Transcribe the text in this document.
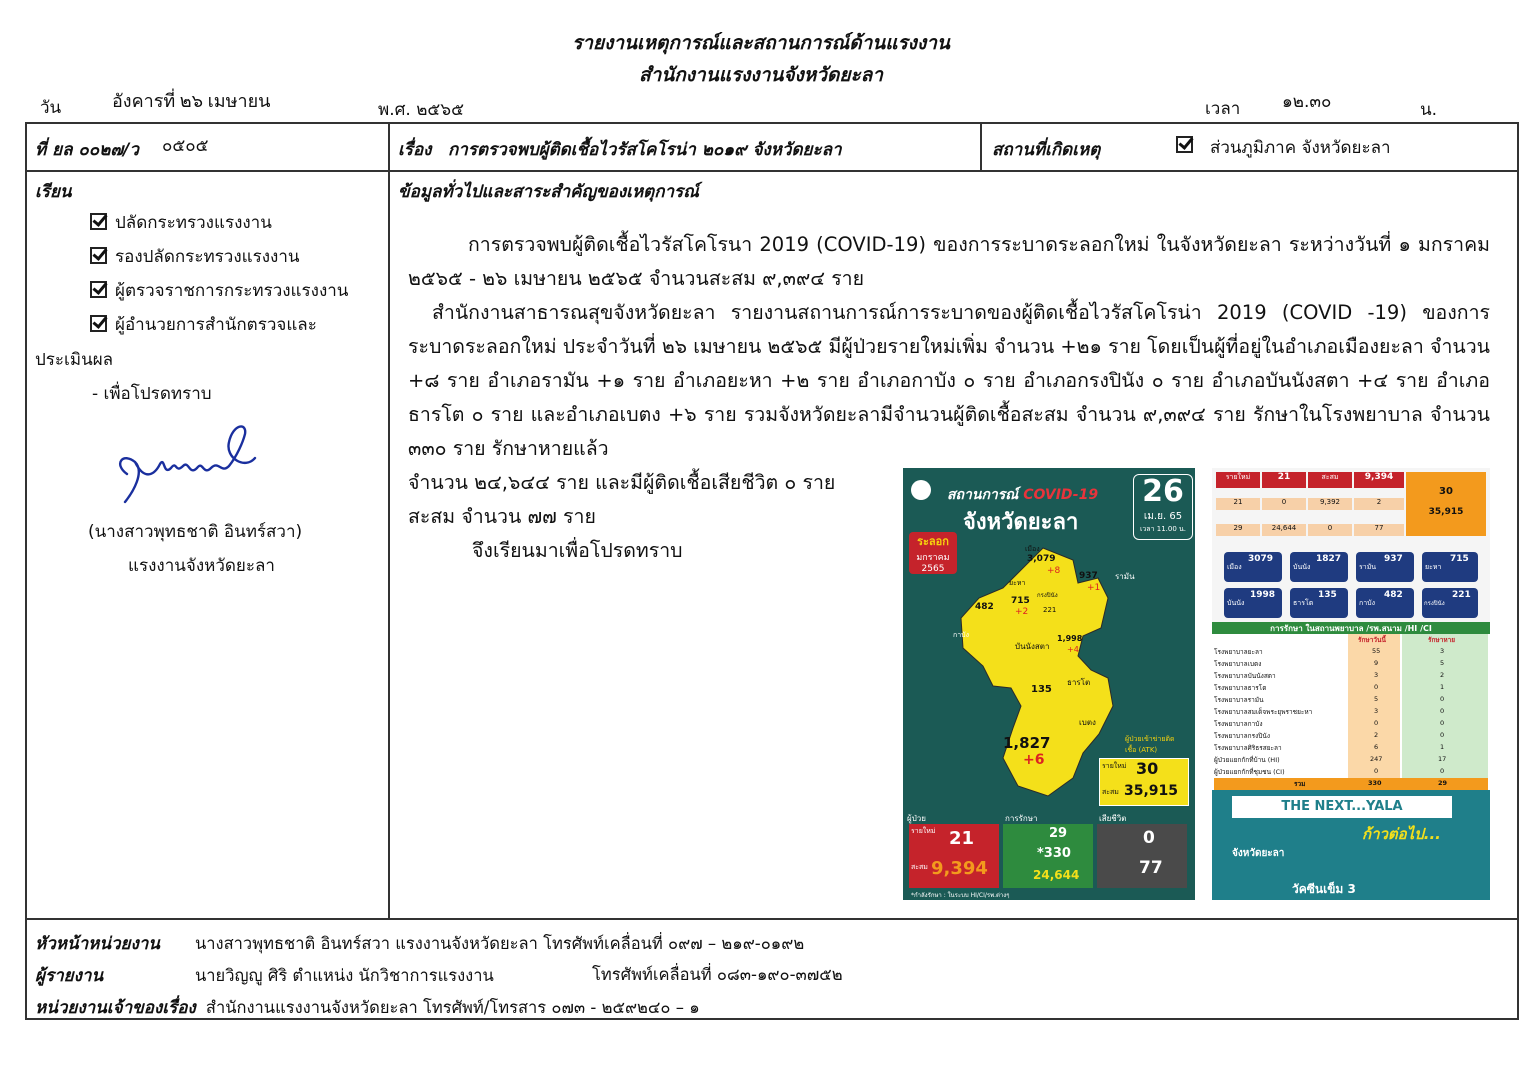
รายงานเหตุการณ์และสถานการณ์ด้านแรงงาน
สำนักงานแรงงานจังหวัดยะลา
วัน	อังคารที่ ๒๖ เมษายน	พ.ศ. ๒๕๖๕	เวลา ๑๒.๓๐	น.
ที่ ยล ๐๐๒๗/ว ๐๕๐๕	เรื่อง การตรวจพบผู้ติดเชื้อไวรัสโคโรน่า ๒๐๑๙ จังหวัดยะลา	สถานที่เกิดเหตุ	ส่วนภูมิภาค จังหวัดยะลา
เรียน
ปลัดกระทรวงแรงงาน
รองปลัดกระทรวงแรงงาน
ผู้ตรวจราชการกระทรวงแรงงาน
ผู้อำนวยการสำนักตรวจและ
ประเมินผล
- เพื่อโปรดทราบ
(นางสาวพุทธชาติ อินทร์สวา)
แรงงานจังหวัดยะลา
ข้อมูลทั่วไปและสาระสำคัญของเหตุการณ์
การตรวจพบผู้ติดเชื้อไวรัสโคโรนา 2019 (COVID-19) ของการระบาดระลอกใหม่ ในจังหวัดยะลา ระหว่างวันที่ ๑ มกราคม ๒๕๖๕ - ๒๖ เมษายน ๒๕๖๕ จำนวนสะสม ๙,๓๙๔ ราย
สำนักงานสาธารณสุขจังหวัดยะลา รายงานสถานการณ์การระบาดของผู้ติดเชื้อไวรัสโคโรน่า 2019 (COVID -19) ของการระบาดระลอกใหม่ ประจำวันที่ ๒๖ เมษายน ๒๕๖๕ มีผู้ป่วยรายใหม่เพิ่ม จำนวน +๒๑ ราย โดยเป็นผู้ที่อยู่ในอำเภอเมืองยะลา จำนวน +๘ ราย อำเภอรามัน +๑ ราย อำเภอยะหา +๒ ราย อำเภอกาบัง ๐ ราย อำเภอกรงปินัง ๐ ราย อำเภอบันนังสตา +๔ ราย อำเภอธารโต ๐ ราย และอำเภอเบตง +๖ ราย รวมจังหวัดยะลามีจำนวนผู้ติดเชื้อสะสม จำนวน ๙,๓๙๔ ราย รักษาในโรงพยาบาล จำนวน ๓๓๐ ราย รักษาหายแล้ว
จำนวน ๒๔,๖๔๔ ราย และมีผู้ติดเชื้อเสียชีวิต ๐ ราย
สะสม จำนวน ๗๗ ราย
จึงเรียนมาเพื่อโปรดทราบ
สถานการณ์ COVID-19
จังหวัดยะลา
26
เม.ย. 65
เวลา 11.00 น.
ระลอก
มกราคม
2565
เมือง
3,079
+8
รามัน
937
+1
ยะหา
715
+2
482
กาบัง
กรงปินัง
221
บันนังสตา
1,998
+4
ธารโต
135
เบตง
1,827
+6
ผู้ป่วยเข้าข่ายติดเชื้อ (ATK)
รายใหม่ 30
สะสม 35,915
ผู้ป่วย
รายใหม่ 21
สะสม 9,394
การรักษา
29
*330
24,644
เสียชีวิต
0
77
*กำลังรักษา : ในระบบ HI/CI/รพ.ต่างๆ
รายใหม่	21	สะสม	9,394
30
35,915
21	0	9,392	2
29	24,644	0	77
เมือง
3079
บันนัง
1827
รามัน
937
ยะหา
715
บันนัง
1998
ธารโต
135
กาบัง
482
กรงปินัง
221
การรักษา ในสถานพยาบาล /รพ.สนาม /HI /CI
รักษาวันนี้	รักษาหาย
โรงพยาบาลยะลา	55	3
โรงพยาบาลเบตง	9	5
โรงพยาบาลบันนังสตา	3	2
โรงพยาบาลธารโต	0	1
โรงพยาบาลรามัน	5	0
โรงพยาบาลสมเด็จพระยุพราชยะหา	3	0
โรงพยาบาลกาบัง	0	0
โรงพยาบาลกรงปินัง	2	0
โรงพยาบาลศิริธรสยะลา	6	1
ผู้ป่วยแยกกักที่บ้าน (HI)	247	17
ผู้ป่วยแยกกักที่ชุมชน (CI)	0	0
รวม	330	29
THE NEXT...YALA
ก้าวต่อไป...
จังหวัดยะลา
วัคซีนเข็ม 3
หัวหน้าหน่วยงาน นางสาวพุทธชาติ อินทร์สวา แรงงานจังหวัดยะลา โทรศัพท์เคลื่อนที่ ๐๙๗ – ๒๑๙-๐๑๙๒
ผู้รายงาน	นายวิญญู ศิริ ตำแหน่ง นักวิชาการแรงงาน	โทรศัพท์เคลื่อนที่ ๐๘๓-๑๙๐-๓๗๕๒
หน่วยงานเจ้าของเรื่อง สำนักงานแรงงานจังหวัดยะลา โทรศัพท์/โทรสาร ๐๗๓ - ๒๕๙๒๔๐ – ๑
